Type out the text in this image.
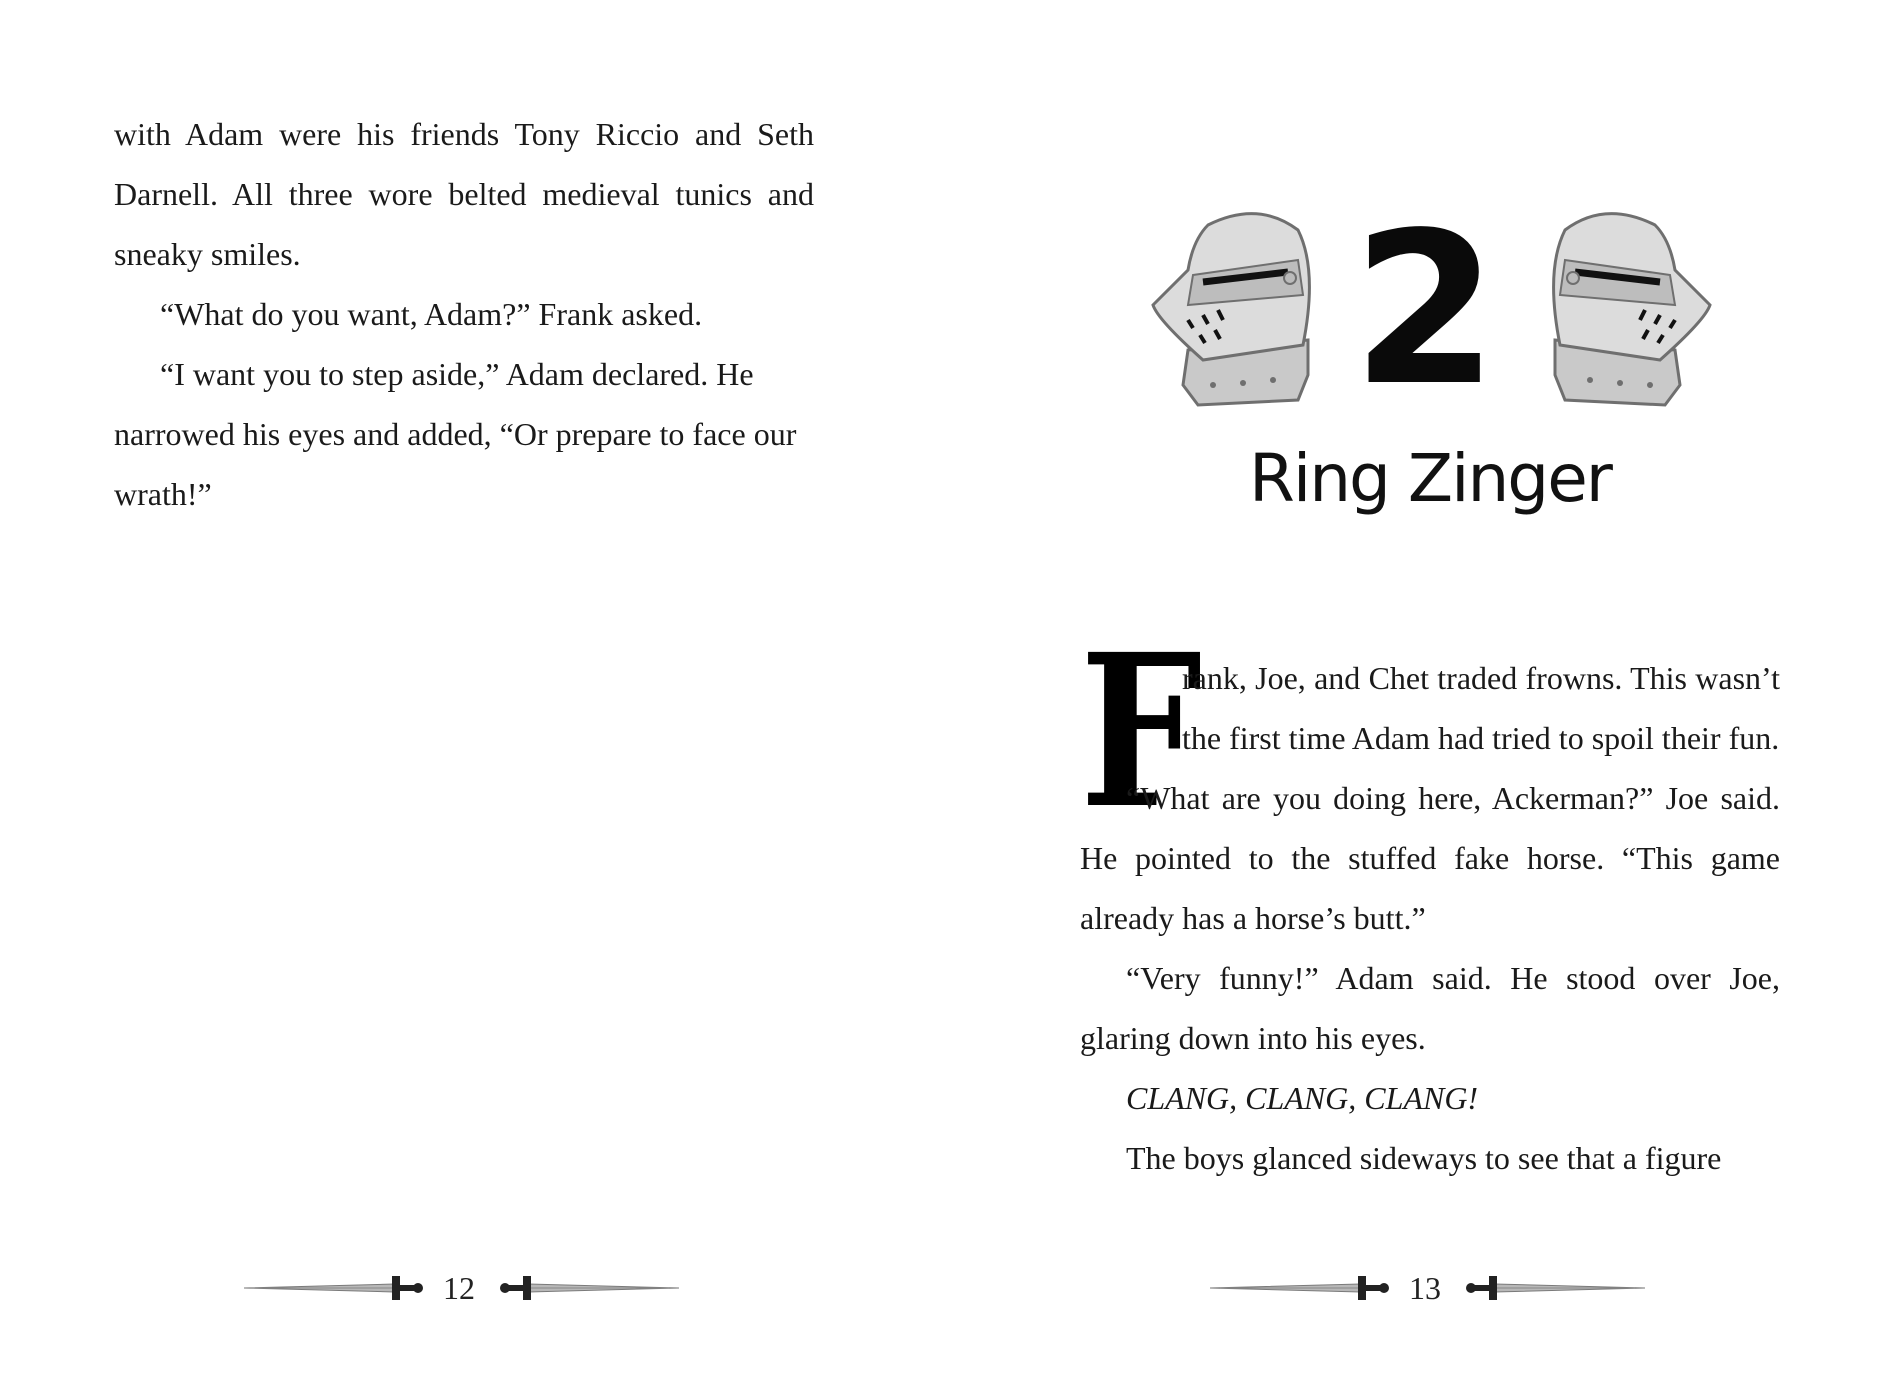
with Adam were his friends Tony Riccio and Seth Darnell. All three wore belted medieval tunics and sneaky smiles.

“What do you want, Adam?” Frank asked.

“I want you to step aside,” Adam declared. He narrowed his eyes and added, “Or prepare to face our wrath!”

12
2
Ring Zinger
F

rank, Joe, and Chet traded frowns. This wasn’t the first time Adam had tried to spoil their fun.

“What are you doing here, Ackerman?” Joe said. He pointed to the stuffed fake horse. “This game already has a horse’s butt.”

“Very funny!” Adam said. He stood over Joe, glaring down into his eyes.

CLANG, CLANG, CLANG!

The boys glanced sideways to see that a figure

13
